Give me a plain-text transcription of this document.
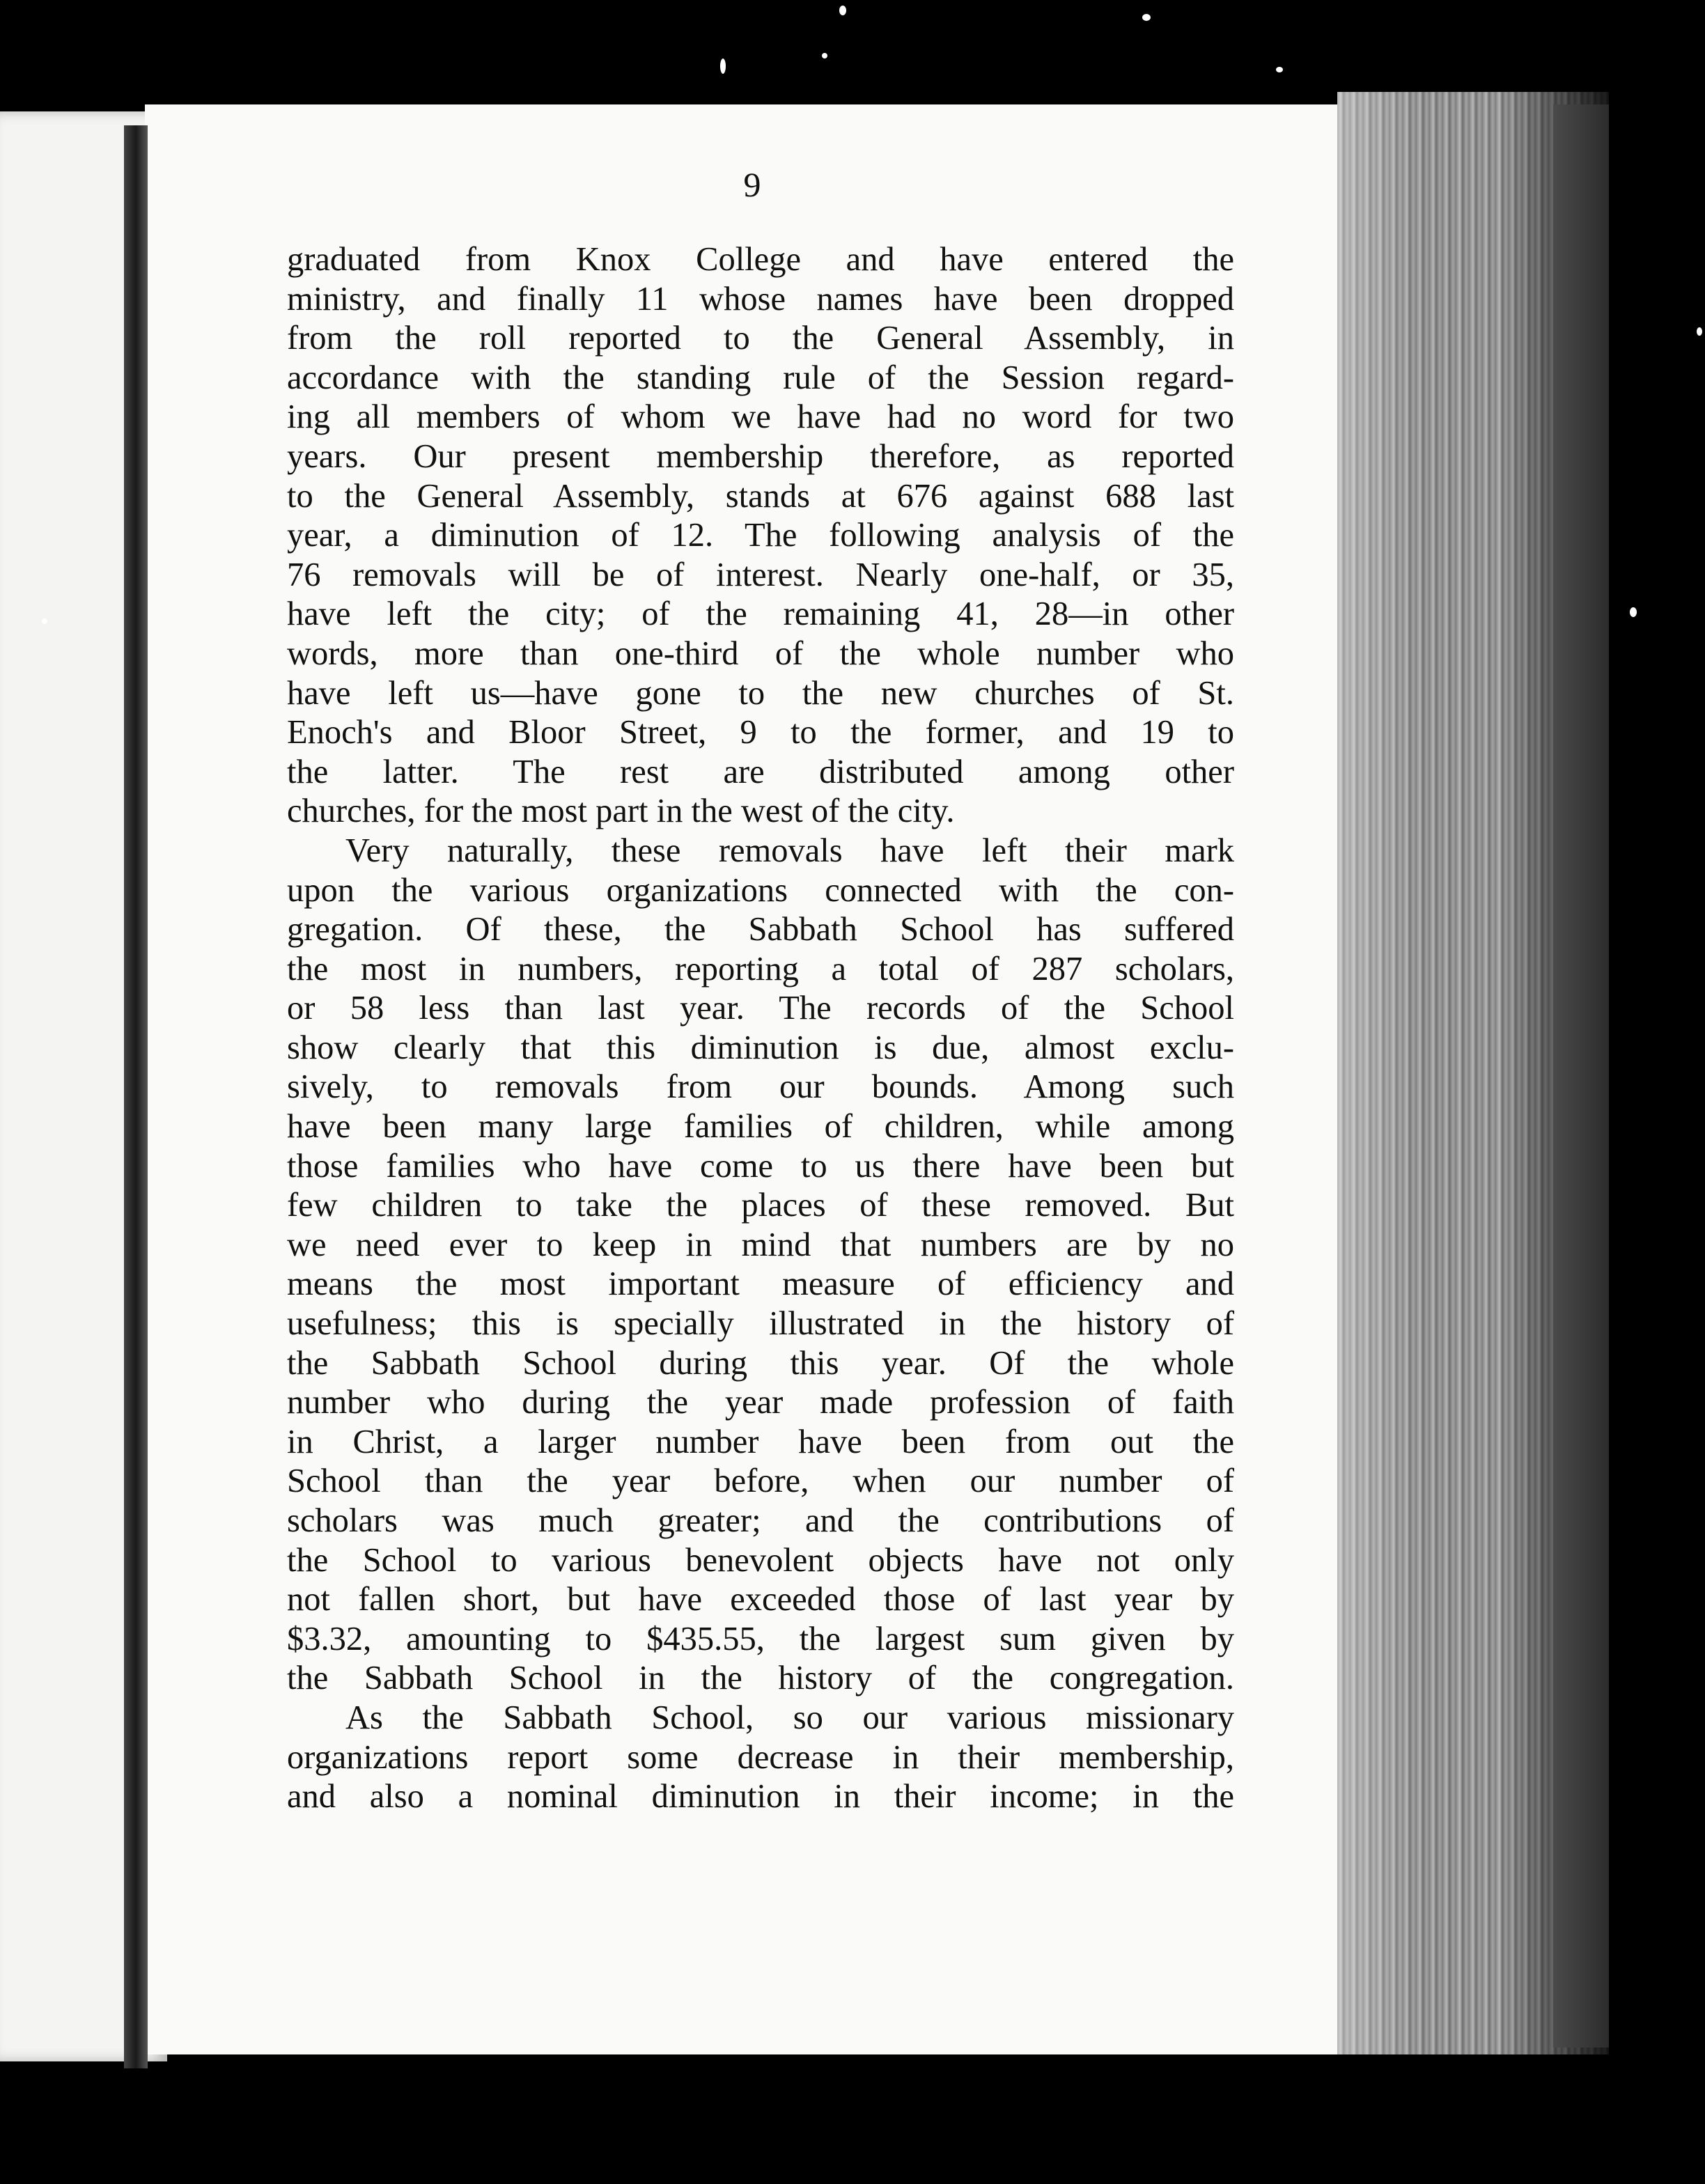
9
graduated from Knox College and have entered the
ministry, and finally 11 whose names have been dropped
from the roll reported to the General Assembly, in
accordance with the standing rule of the Session regard-
ing all members of whom we have had no word for two
years. Our present membership therefore, as reported
to the General Assembly, stands at 676 against 688 last
year, a diminution of 12. The following analysis of the
76 removals will be of interest. Nearly one-half, or 35,
have left the city; of the remaining 41, 28—in other
words, more than one-third of the whole number who
have left us—have gone to the new churches of St.
Enoch's and Bloor Street, 9 to the former, and 19 to
the latter. The rest are distributed among other
churches, for the most part in the west of the city.
Very naturally, these removals have left their mark
upon the various organizations connected with the con-
gregation. Of these, the Sabbath School has suffered
the most in numbers, reporting a total of 287 scholars,
or 58 less than last year. The records of the School
show clearly that this diminution is due, almost exclu-
sively, to removals from our bounds. Among such
have been many large families of children, while among
those families who have come to us there have been but
few children to take the places of these removed. But
we need ever to keep in mind that numbers are by no
means the most important measure of efficiency and
usefulness; this is specially illustrated in the history of
the Sabbath School during this year. Of the whole
number who during the year made profession of faith
in Christ, a larger number have been from out the
School than the year before, when our number of
scholars was much greater; and the contributions of
the School to various benevolent objects have not only
not fallen short, but have exceeded those of last year by
$3.32, amounting to $435.55, the largest sum given by
the Sabbath School in the history of the congregation.
As the Sabbath School, so our various missionary
organizations report some decrease in their membership,
and also a nominal diminution in their income; in the
